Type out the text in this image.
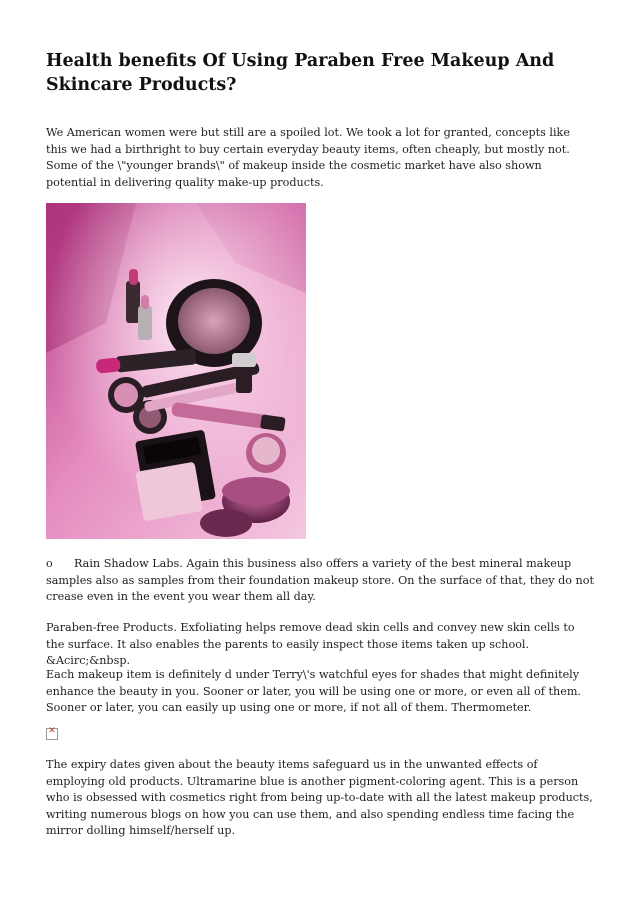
Health benefits Of Using Paraben Free Makeup And Skincare Products?

We American women were but still are a spoiled lot. We took a lot for granted, concepts like this we had a birthright to buy certain everyday beauty items, often cheaply, but mostly not. Some of the \"younger brands\" of makeup inside the cosmetic market have also shown potential in delivering quality make-up products.

o Rain Shadow Labs. Again this business also offers a variety of the best mineral makeup samples also as samples from their foundation makeup store. On the surface of that, they do not crease even in the event you wear them all day.

Paraben-free Products. Exfoliating helps remove dead skin cells and convey new skin cells to the surface. It also enables the parents to easily inspect those items taken up school. &Acirc;&nbsp.

Each makeup item is definitely d under Terry\'s watchful eyes for shades that might definitely enhance the beauty in you. Sooner or later, you will be using one or more, or even all of them. Sooner or later, you can easily up using one or more, if not all of them. Thermometer.

✕

The expiry dates given about the beauty items safeguard us in the unwanted effects of employing old products. Ultramarine blue is another pigment-coloring agent. This is a person who is obsessed with cosmetics right from being up-to-date with all the latest makeup products, writing numerous blogs on how you can use them, and also spending endless time facing the mirror dolling himself/herself up.
